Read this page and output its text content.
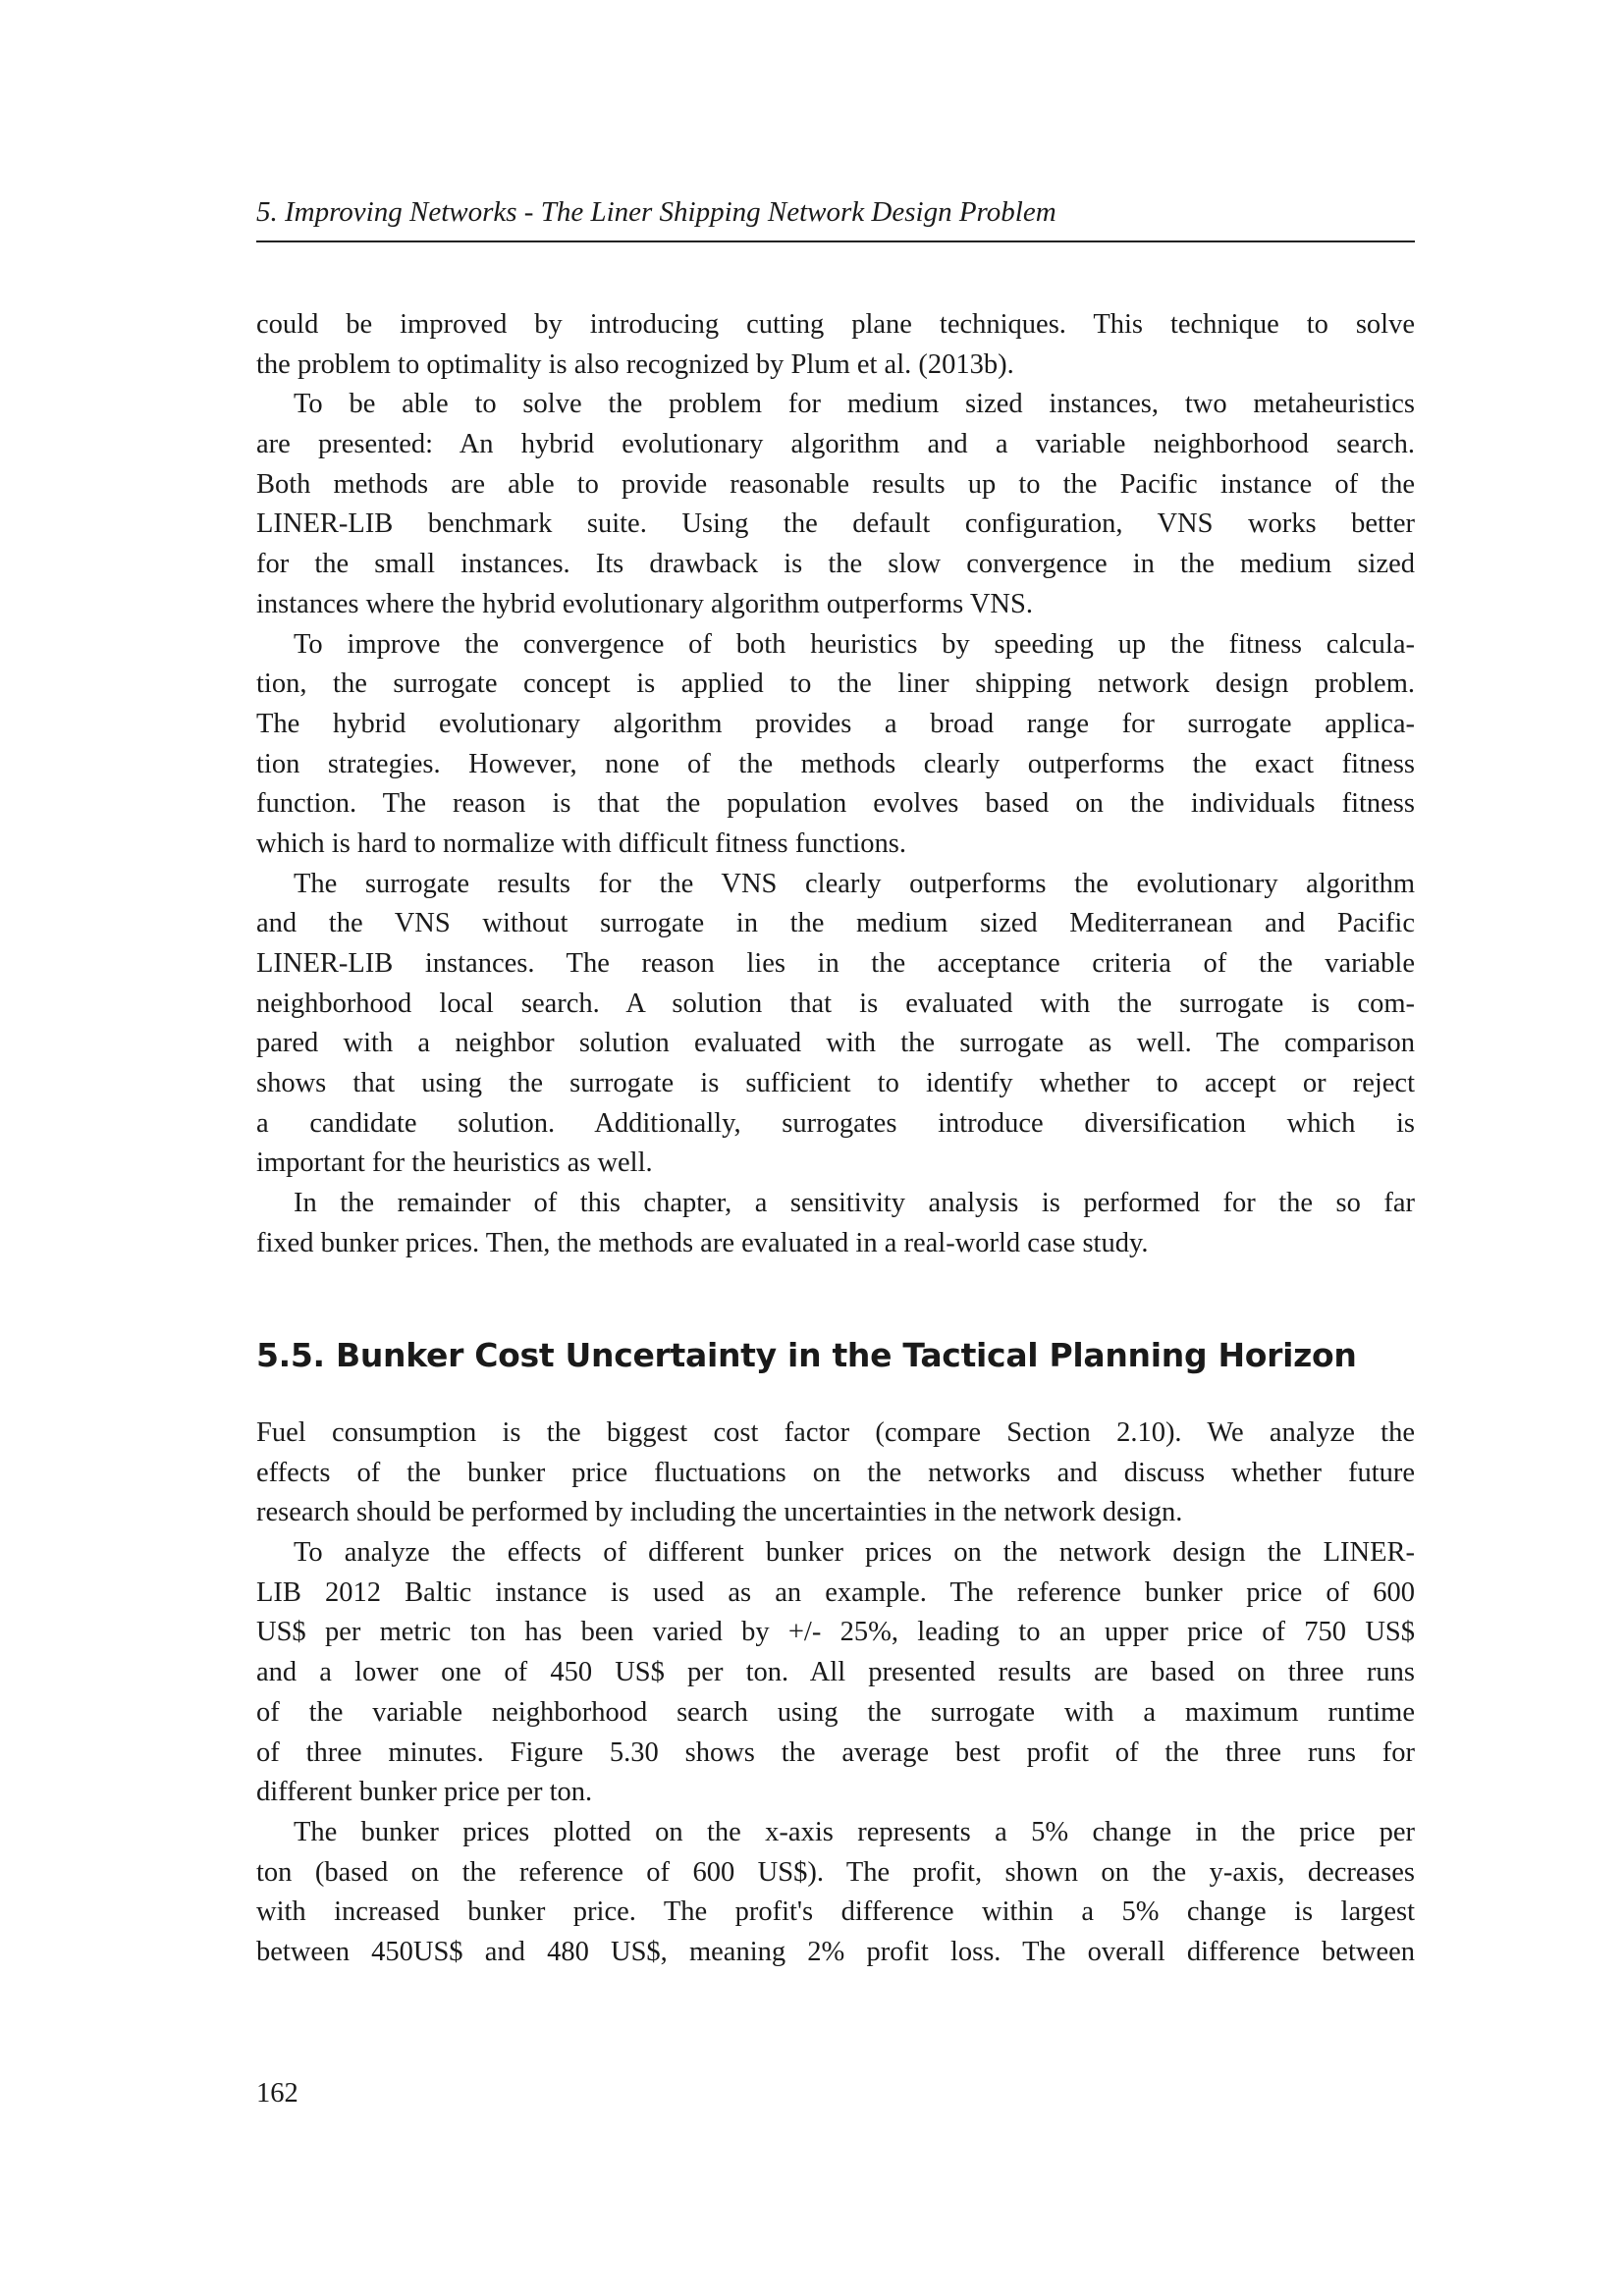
5. Improving Networks - The Liner Shipping Network Design Problem
could be improved by introducing cutting plane techniques. This technique to solve
the problem to optimality is also recognized by Plum et al. (2013b).
To be able to solve the problem for medium sized instances, two metaheuristics
are presented: An hybrid evolutionary algorithm and a variable neighborhood search.
Both methods are able to provide reasonable results up to the Pacific instance of the
LINER-LIB benchmark suite. Using the default configuration, VNS works better
for the small instances. Its drawback is the slow convergence in the medium sized
instances where the hybrid evolutionary algorithm outperforms VNS.
To improve the convergence of both heuristics by speeding up the fitness calcula-
tion, the surrogate concept is applied to the liner shipping network design problem.
The hybrid evolutionary algorithm provides a broad range for surrogate applica-
tion strategies. However, none of the methods clearly outperforms the exact fitness
function. The reason is that the population evolves based on the individuals fitness
which is hard to normalize with difficult fitness functions.
The surrogate results for the VNS clearly outperforms the evolutionary algorithm
and the VNS without surrogate in the medium sized Mediterranean and Pacific
LINER-LIB instances. The reason lies in the acceptance criteria of the variable
neighborhood local search. A solution that is evaluated with the surrogate is com-
pared with a neighbor solution evaluated with the surrogate as well. The comparison
shows that using the surrogate is sufficient to identify whether to accept or reject
a candidate solution. Additionally, surrogates introduce diversification which is
important for the heuristics as well.
In the remainder of this chapter, a sensitivity analysis is performed for the so far
fixed bunker prices. Then, the methods are evaluated in a real-world case study.
5.5. Bunker Cost Uncertainty in the Tactical Planning Horizon
Fuel consumption is the biggest cost factor (compare Section 2.10). We analyze the
effects of the bunker price fluctuations on the networks and discuss whether future
research should be performed by including the uncertainties in the network design.
To analyze the effects of different bunker prices on the network design the LINER-
LIB 2012 Baltic instance is used as an example. The reference bunker price of 600
US$ per metric ton has been varied by +/- 25%, leading to an upper price of 750 US$
and a lower one of 450 US$ per ton. All presented results are based on three runs
of the variable neighborhood search using the surrogate with a maximum runtime
of three minutes. Figure 5.30 shows the average best profit of the three runs for
different bunker price per ton.
The bunker prices plotted on the x-axis represents a 5% change in the price per
ton (based on the reference of 600 US$). The profit, shown on the y-axis, decreases
with increased bunker price. The profit's difference within a 5% change is largest
between 450US$ and 480 US$, meaning 2% profit loss. The overall difference between
162
